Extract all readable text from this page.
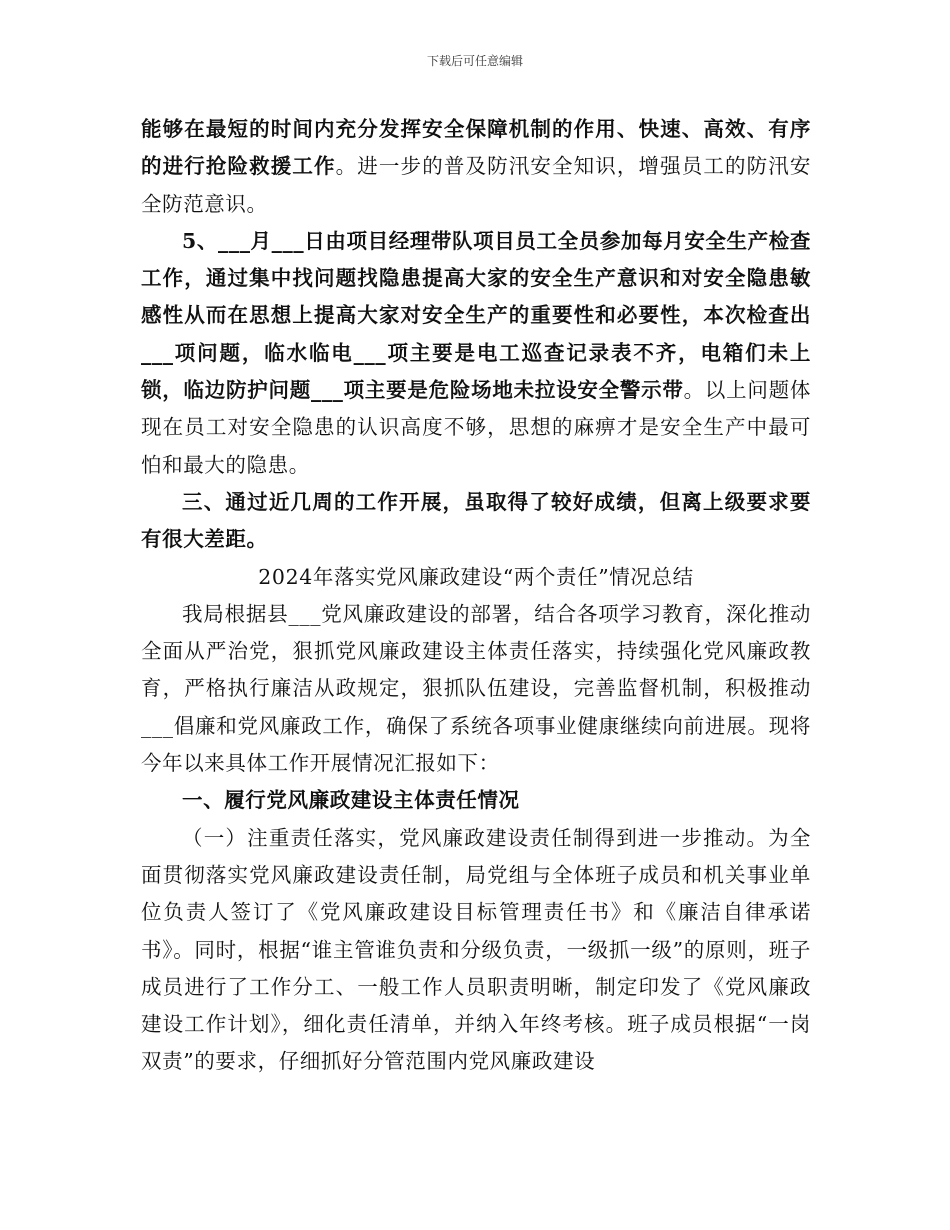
下载后可任意编辑

能够在最短的时间内充分发挥安全保障机制的作用、快速、高效、有序的进行抢险救援工作。进一步的普及防汛安全知识，增强员工的防汛安全防范意识。

5、___月___日由项目经理带队项目员工全员参加每月安全生产检查工作，通过集中找问题找隐患提高大家的安全生产意识和对安全隐患敏感性从而在思想上提高大家对安全生产的重要性和必要性，本次检查出___项问题，临水临电___项主要是电工巡查记录表不齐，电箱们未上锁，临边防护问题___项主要是危险场地未拉设安全警示带。以上问题体现在员工对安全隐患的认识高度不够，思想的麻痹才是安全生产中最可怕和最大的隐患。

三、通过近几周的工作开展，虽取得了较好成绩，但离上级要求要有很大差距。

2024年落实党风廉政建设“两个责任”情况总结

我局根据县___党风廉政建设的部署，结合各项学习教育，深化推动全面从严治党，狠抓党风廉政建设主体责任落实，持续强化党风廉政教育，严格执行廉洁从政规定，狠抓队伍建设，完善监督机制，积极推动___倡廉和党风廉政工作，确保了系统各项事业健康继续向前进展。现将今年以来具体工作开展情况汇报如下：

一、履行党风廉政建设主体责任情况

（一）注重责任落实，党风廉政建设责任制得到进一步推动。为全面贯彻落实党风廉政建设责任制，局党组与全体班子成员和机关事业单位负责人签订了《党风廉政建设目标管理责任书》和《廉洁自律承诺书》。同时，根据“谁主管谁负责和分级负责，一级抓一级”的原则，班子成员进行了工作分工、一般工作人员职责明晰，制定印发了《党风廉政建设工作计划》，细化责任清单，并纳入年终考核。班子成员根据“一岗双责”的要求，仔细抓好分管范围内党风廉政建设
